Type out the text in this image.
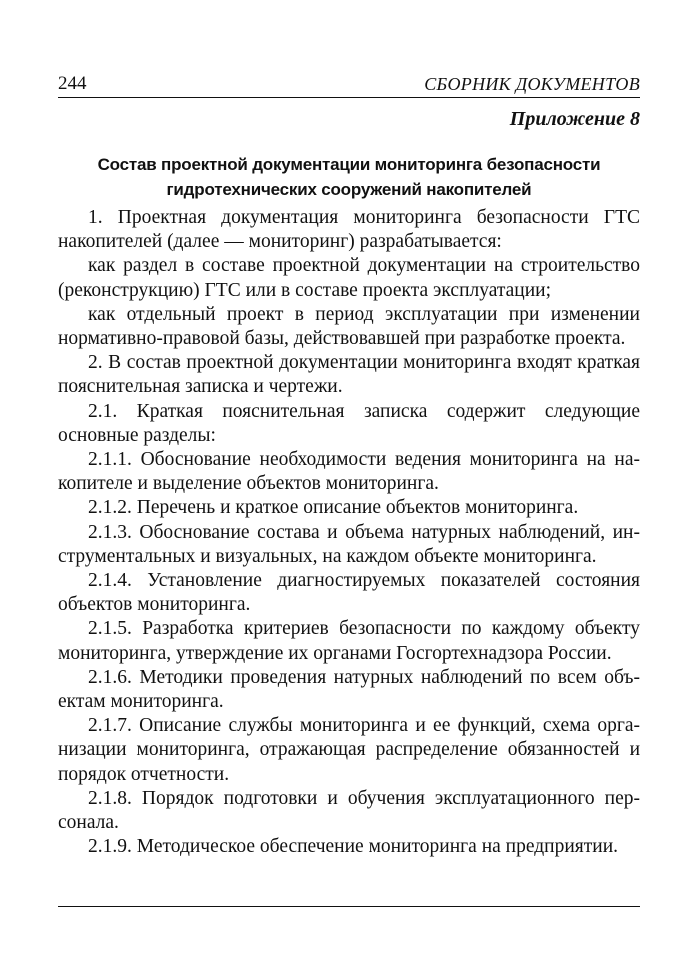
244	СБОРНИК ДОКУМЕНТОВ
Приложение 8
Состав проектной документации мониторинга безопасности
гидротехнических сооружений накопителей

1. Проектная документация мониторинга безопасности ГТС накопителей (далее — мониторинг) разрабатывается:

как раздел в составе проектной документации на строительство (реконструкцию) ГТС или в составе проекта эксплуатации;

как отдельный проект в период эксплуатации при изменении нормативно-правовой базы, действовавшей при разработке проекта.

2. В состав проектной документации мониторинга входят краткая пояснительная записка и чертежи.

2.1. Краткая пояснительная записка содержит следующие основные разделы:

2.1.1. Обоснование необходимости ведения мониторинга на накопителе и выделение объектов мониторинга.

2.1.2. Перечень и краткое описание объектов мониторинга.

2.1.3. Обоснование состава и объема натурных наблюдений, инструментальных и визуальных, на каждом объекте мониторинга.

2.1.4. Установление диагностируемых показателей состояния объектов мониторинга.

2.1.5. Разработка критериев безопасности по каждому объекту мониторинга, утверждение их органами Госгортехнадзора России.

2.1.6. Методики проведения натурных наблюдений по всем объектам мониторинга.

2.1.7. Описание службы мониторинга и ее функций, схема организации мониторинга, отражающая распределение обязанностей и порядок отчетности.

2.1.8. Порядок подготовки и обучения эксплуатационного персонала.

2.1.9. Методическое обеспечение мониторинга на предприятии.
